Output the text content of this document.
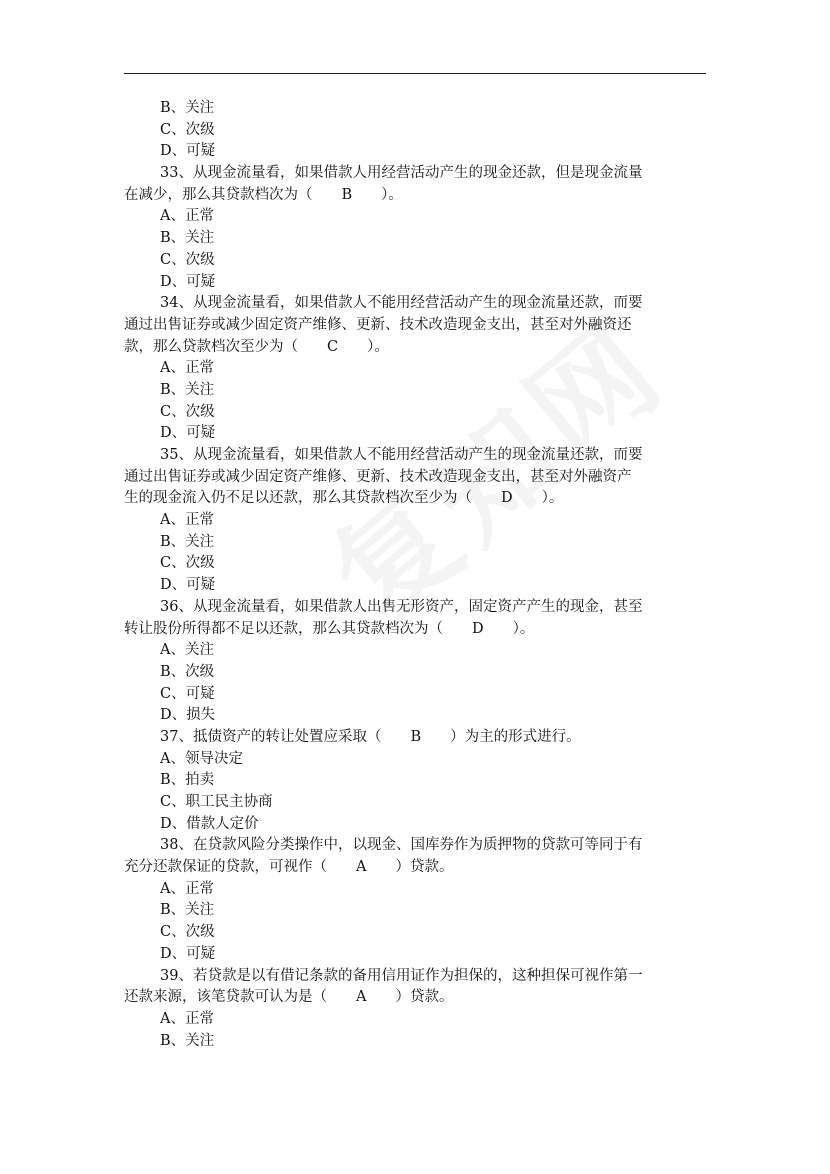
B、关注
C、次级
D、可疑
33、从现金流量看，如果借款人用经营活动产生的现金还款，但是现金流量
在减少，那么其贷款档次为（　　B　　）。
A、正常
B、关注
C、次级
D、可疑
34、从现金流量看，如果借款人不能用经营活动产生的现金流量还款，而要
通过出售证券或减少固定资产维修、更新、技术改造现金支出，甚至对外融资还
款，那么贷款档次至少为（　　C　　）。
A、正常
B、关注
C、次级
D、可疑
35、从现金流量看，如果借款人不能用经营活动产生的现金流量还款，而要
通过出售证券或减少固定资产维修、更新、技术改造现金支出，甚至对外融资产
生的现金流入仍不足以还款，那么其贷款档次至少为（　　D　　）。
A、正常
B、关注
C、次级
D、可疑
36、从现金流量看，如果借款人出售无形资产，固定资产产生的现金，甚至
转让股份所得都不足以还款，那么其贷款档次为（　　D　　）。
A、关注
B、次级
C、可疑
D、损失
37、抵债资产的转让处置应采取（　　B　　）为主的形式进行。
A、领导决定
B、拍卖
C、职工民主协商
D、借款人定价
38、在贷款风险分类操作中，以现金、国库券作为质押物的贷款可等同于有
充分还款保证的贷款，可视作（　　A　　）贷款。
A、正常
B、关注
C、次级
D、可疑
39、若贷款是以有借记条款的备用信用证作为担保的，这种担保可视作第一
还款来源，该笔贷款可认为是（　　A　　）贷款。
A、正常
B、关注
